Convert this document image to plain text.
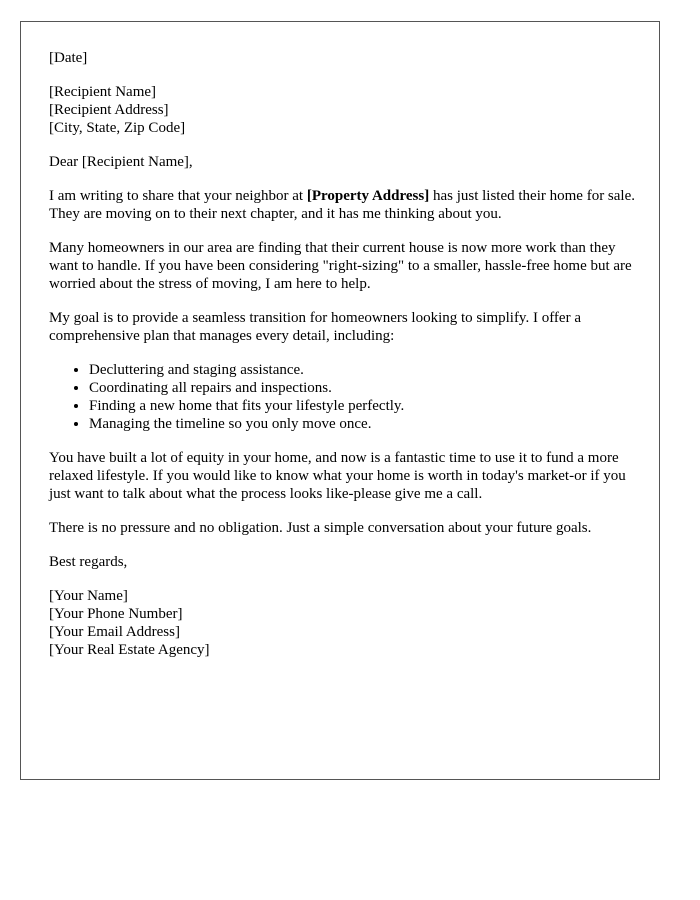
[Date]

[Recipient Name]
[Recipient Address]
[City, State, Zip Code]

Dear [Recipient Name],

I am writing to share that your neighbor at [Property Address] has just listed their home for sale. They are moving on to their next chapter, and it has me thinking about you.

Many homeowners in our area are finding that their current house is now more work than they want to handle. If you have been considering "right-sizing" to a smaller, hassle-free home but are worried about the stress of moving, I am here to help.

My goal is to provide a seamless transition for homeowners looking to simplify. I offer a comprehensive plan that manages every detail, including:

• Decluttering and staging assistance.
• Coordinating all repairs and inspections.
• Finding a new home that fits your lifestyle perfectly.
• Managing the timeline so you only move once.

You have built a lot of equity in your home, and now is a fantastic time to use it to fund a more relaxed lifestyle. If you would like to know what your home is worth in today's market-or if you just want to talk about what the process looks like-please give me a call.

There is no pressure and no obligation. Just a simple conversation about your future goals.

Best regards,

[Your Name]
[Your Phone Number]
[Your Email Address]
[Your Real Estate Agency]
